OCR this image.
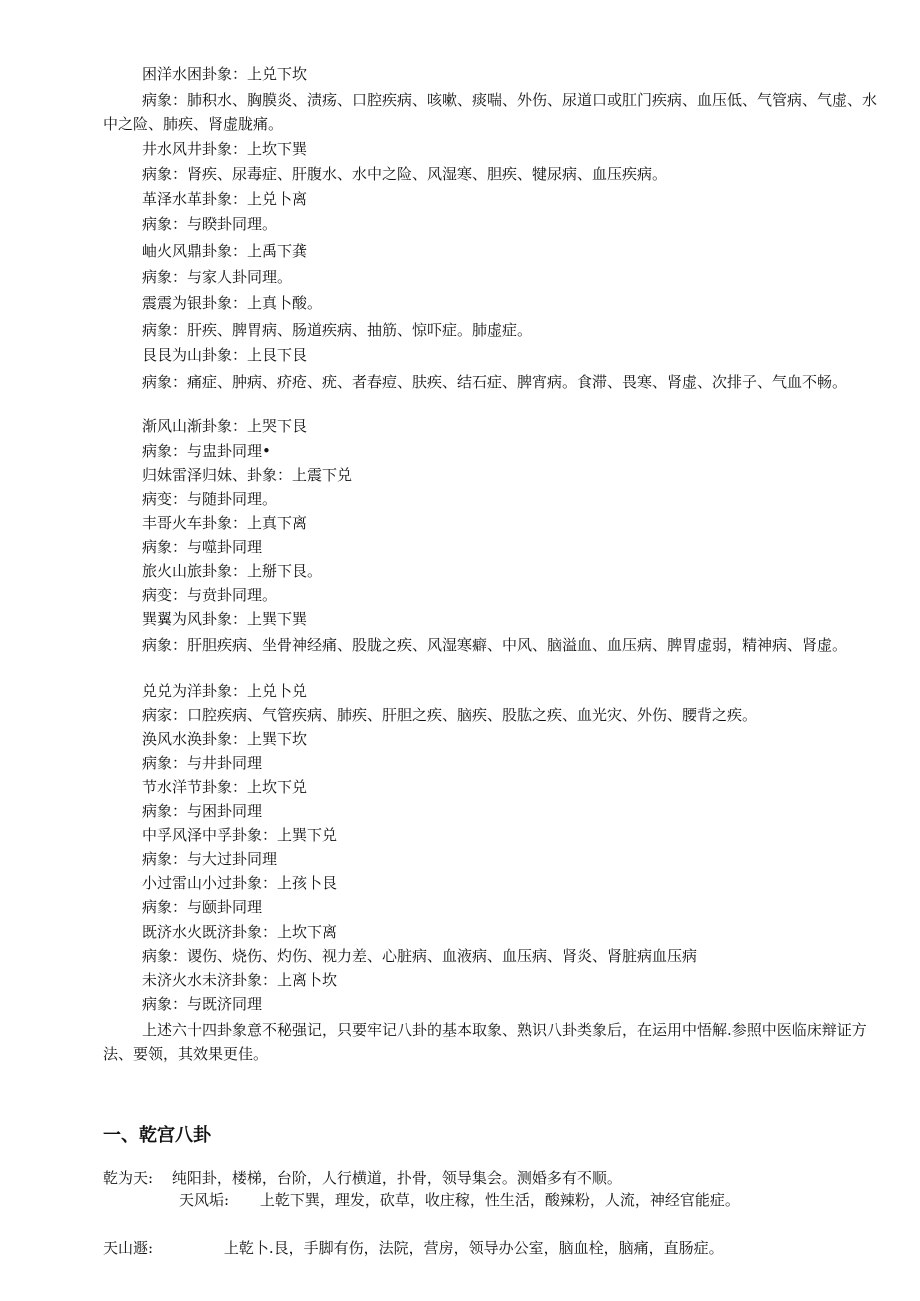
困洋水困卦象：上兑下坎
病象：肺积水、胸膜炎、渍疡、口腔疾病、咳嗽、痰喘、外伤、尿道口或肛门疾病、血压低、气管病、气虚、水中之险、肺疾、肾虚胧痛。
井水风井卦象：上坎下巽
病象：肾疾、尿毒症、肝腹水、水中之险、风湿寒、胆疾、犍尿病、血压疾病。
革泽水革卦象：上兑卜离
病象：与睽卦同理。
岫火风鼎卦象：上禹下龚
病象：与家人卦同理。
震震为银卦象：上真卜酸。
病象：肝疾、脾胃病、肠道疾病、抽筋、惊吓症。肺虚症。
艮艮为山卦象：上艮下艮
病象：痛症、肿病、疥疮、疣、者春痘、肤疾、结石症、脾宵病。食滞、畏寒、肾虚、次排子、气血不畅。
渐风山渐卦象：上哭下艮
病象：与盅卦同理•
归妹雷泽归妹、卦象：上震下兑
病变：与随卦同理。
丰哥火车卦象：上真下离
病象：与噬卦同理
旅火山旅卦象：上掰下艮。
病变：与贲卦同理。
巽翼为风卦象：上巽下巽
病象：肝胆疾病、坐骨神经痛、股胧之疾、风湿寒癖、中风、脑溢血、血压病、脾胃虚弱，精神病、肾虚。
兑兑为洋卦象：上兑卜兑
病家：口腔疾病、气管疾病、肺疾、肝胆之疾、脑疾、股肱之疾、血光灾、外伤、腰背之疾。
涣风水涣卦象：上巽下坎
病象：与井卦同理
节水洋节卦象：上坎下兑
病象：与困卦同理
中孚风泽中孚卦象：上巽下兑
病象：与大过卦同理
小过雷山小过卦象：上孩卜艮
病象：与颐卦同理
既济水火既济卦象：上坎下离
病象：谡伤、烧伤、灼伤、视力差、心脏病、血液病、血压病、肾炎、肾脏病血压病
未济火水未济卦象：上离卜坎
病象：与既济同理
上述六十四卦象意不秘强记，只要牢记八卦的基本取象、熟识八卦类象后，在运用中悟解.参照中医临床辩证方法、要领，其效果更佳。
一、乾宫八卦
乾为天: 纯阳卦，楼梯，台阶，人行横道，扑骨，领导集会。测婚多有不顺。
天风垢: 上乾下巽，理发，砍草，收庄稼，性生活，酸辣粉，人流，神经官能症。
天山遯:	上乾卜.艮，手脚有伤，法院，营房，领导办公室，脑血栓，脑痛，直肠症。
